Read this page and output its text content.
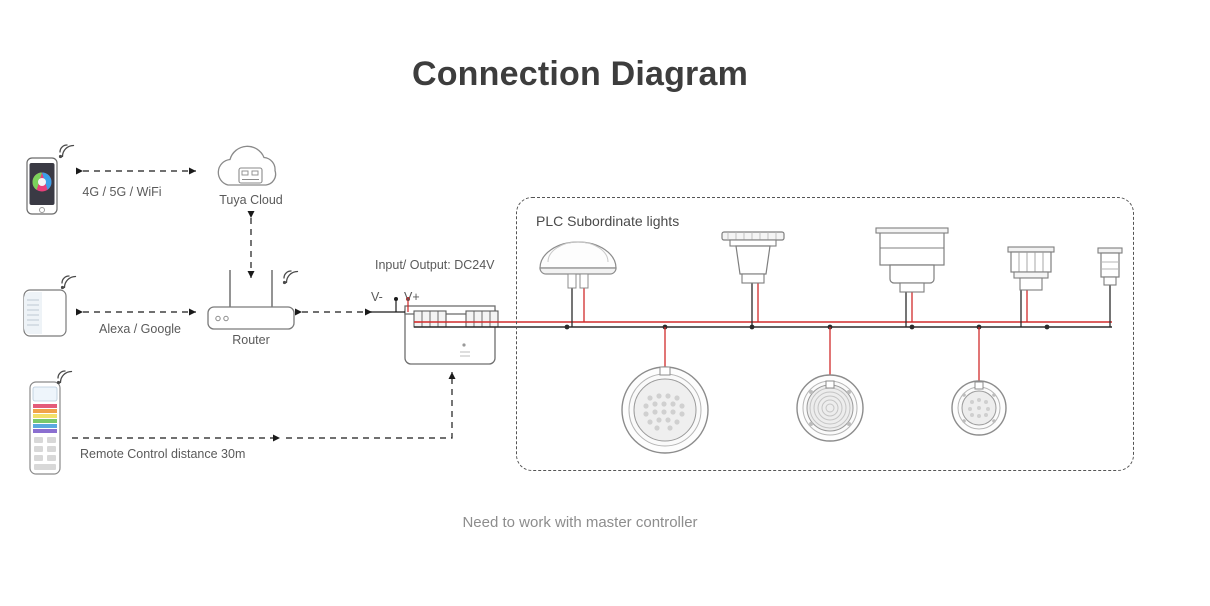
Connection Diagram
4G / 5G / WiFi
Tuya Cloud
Alexa / Google
Router
Remote Control distance 30m
Input/ Output: DC24V
V- V+
PLC Subordinate lights
Need to work with master controller
